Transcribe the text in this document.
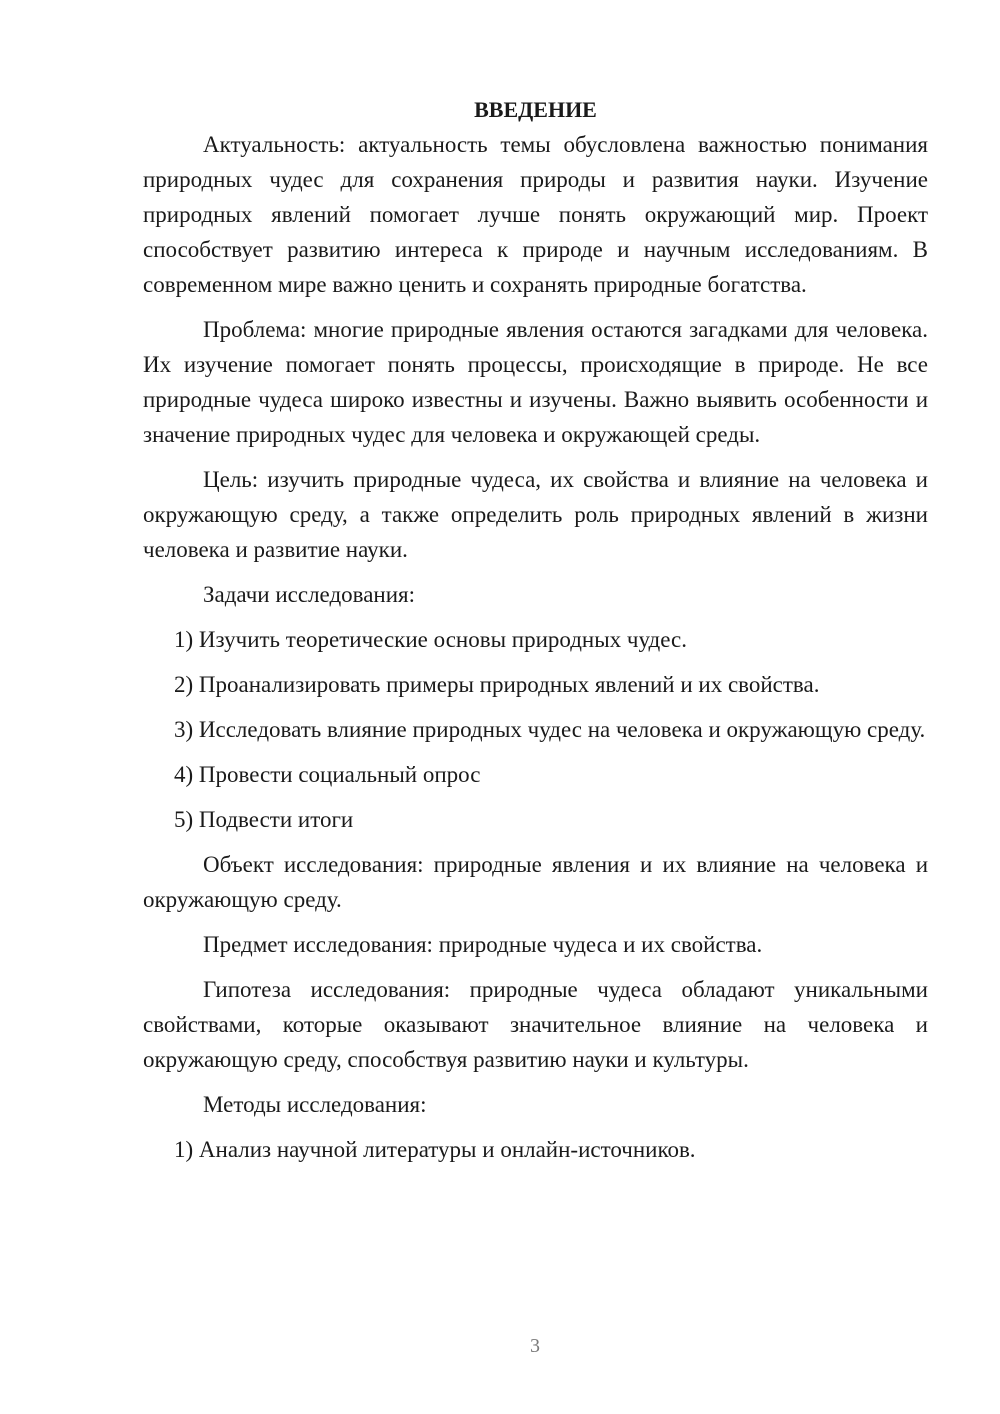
ВВЕДЕНИЕ

Актуальность: актуальность темы обусловлена важностью понимания природных чудес для сохранения природы и развития науки. Изучение природных явлений помогает лучше понять окружающий мир. Проект способствует развитию интереса к природе и научным исследованиям. В современном мире важно ценить и сохранять природные богатства.

Проблема: многие природные явления остаются загадками для человека. Их изучение помогает понять процессы, происходящие в природе. Не все природные чудеса широко известны и изучены. Важно выявить особенности и значение природных чудес для человека и окружающей среды.

Цель: изучить природные чудеса, их свойства и влияние на человека и окружающую среду, а также определить роль природных явлений в жизни человека и развитие науки.

Задачи исследования:

1) Изучить теоретические основы природных чудес.

2) Проанализировать примеры природных явлений и их свойства.

3) Исследовать влияние природных чудес на человека и окружающую среду.

4) Провести социальный опрос

5) Подвести итоги

Объект исследования: природные явления и их влияние на человека и окружающую среду.

Предмет исследования: природные чудеса и их свойства.

Гипотеза исследования: природные чудеса обладают уникальными свойствами, которые оказывают значительное влияние на человека и окружающую среду, способствуя развитию науки и культуры.

Методы исследования:

1) Анализ научной литературы и онлайн-источников.

3
